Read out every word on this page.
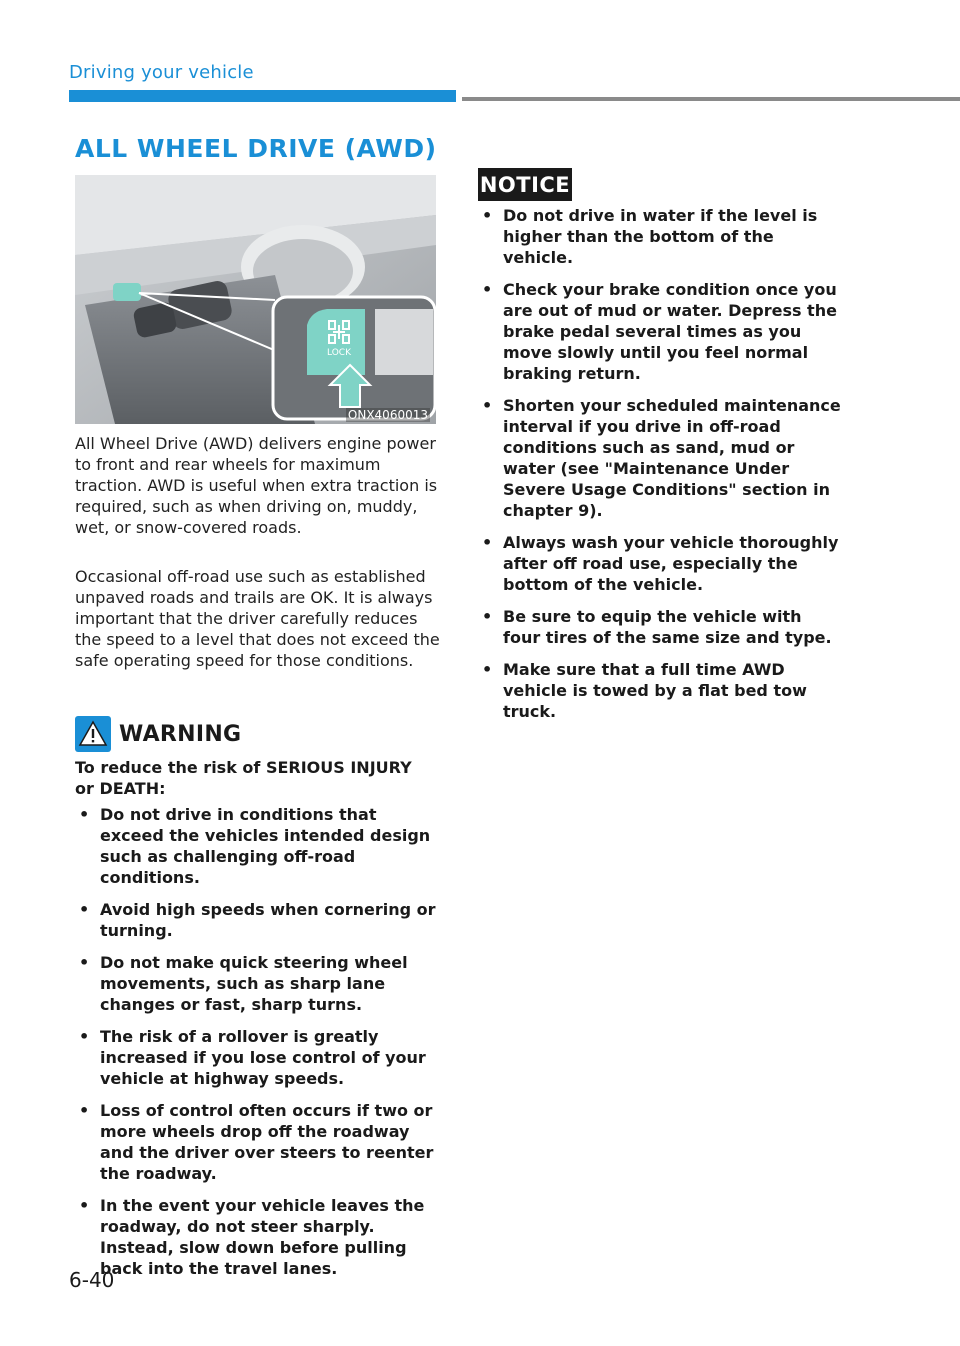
Driving your vehicle
ALL WHEEL DRIVE (AWD)
LOCK
ONX4060013

All Wheel Drive (AWD) delivers engine power to front and rear wheels for maximum traction. AWD is useful when extra traction is required, such as when driving on, muddy, wet, or snow-covered roads.

Occasional off-road use such as established unpaved roads and trails are OK. It is always important that the driver carefully reduces the speed to a level that does not exceed the safe operating speed for those conditions.

WARNING

To reduce the risk of SERIOUS INJURY or DEATH:

• Do not drive in conditions that exceed the vehicles intended design such as challenging off-road conditions.
• Avoid high speeds when cornering or turning.
• Do not make quick steering wheel movements, such as sharp lane changes or fast, sharp turns.
• The risk of a rollover is greatly increased if you lose control of your vehicle at highway speeds.
• Loss of control often occurs if two or more wheels drop off the roadway and the driver over steers to reenter the roadway.
• In the event your vehicle leaves the roadway, do not steer sharply. Instead, slow down before pulling back into the travel lanes.
NOTICE
• Do not drive in water if the level is higher than the bottom of the vehicle.
• Check your brake condition once you are out of mud or water. Depress the brake pedal several times as you move slowly until you feel normal braking return.
• Shorten your scheduled maintenance interval if you drive in off-road conditions such as sand, mud or water (see "Maintenance Under Severe Usage Conditions" section in chapter 9).
• Always wash your vehicle thoroughly after off road use, especially the bottom of the vehicle.
• Be sure to equip the vehicle with four tires of the same size and type.
• Make sure that a full time AWD vehicle is towed by a flat bed tow truck.
6-40
